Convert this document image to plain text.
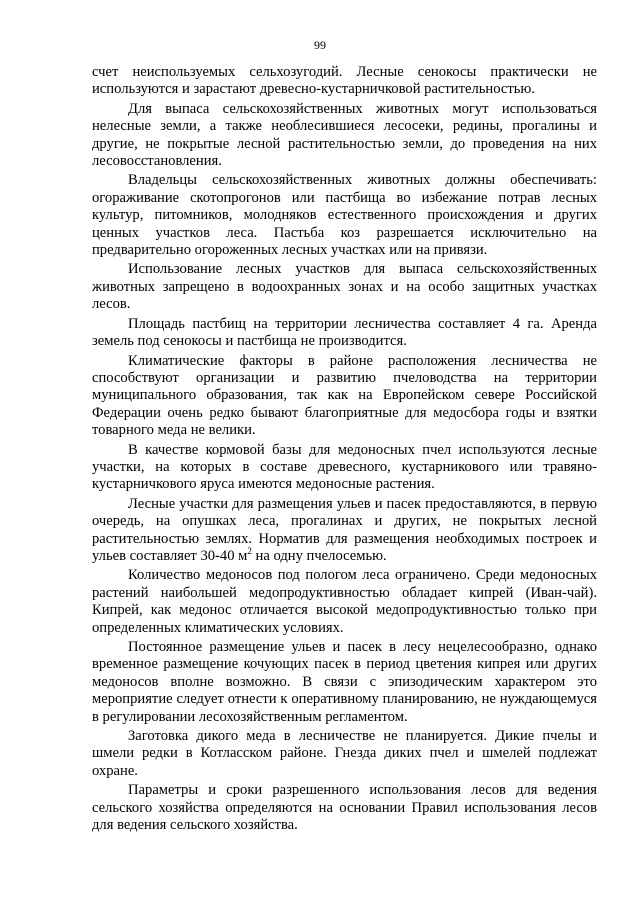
99

счет неиспользуемых сельхозугодий. Лесные сенокосы практически не используются и зарастают древесно-кустарничковой растительностью.

Для выпаса сельскохозяйственных животных могут использоваться нелесные земли, а также необлесившиеся лесосеки, редины, прогалины и другие, не покрытые лесной растительностью земли, до проведения на них лесовосстановления.

Владельцы сельскохозяйственных животных должны обеспечивать: огораживание скотопрогонов или пастбища во избежание потрав лесных культур, питомников, молодняков естественного происхождения и других ценных участков леса. Пастьба коз разрешается исключительно на предварительно огороженных лесных участках или на привязи.

Использование лесных участков для выпаса сельскохозяйственных животных запрещено в водоохранных зонах и на особо защитных участках лесов.

Площадь пастбищ на территории лесничества составляет 4 га. Аренда земель под сенокосы и пастбища не производится.

Климатические факторы в районе расположения лесничества не способствуют организации и развитию пчеловодства на территории муниципального образования, так как на Европейском севере Российской Федерации очень редко бывают благоприятные для медосбора годы и взятки товарного меда не велики.

В качестве кормовой базы для медоносных пчел используются лесные участки, на которых в составе древесного, кустарникового или травяно-кустарничкового яруса имеются медоносные растения.

Лесные участки для размещения ульев и пасек предоставляются, в первую очередь, на опушках леса, прогалинах и других, не покрытых лесной растительностью землях. Норматив для размещения необходимых построек и ульев составляет 30-40 $м^2$ на одну пчелосемью.

Количество медоносов под пологом леса ограничено. Среди медоносных растений наибольшей медопродуктивностью обладает кипрей (Иван-чай). Кипрей, как медонос отличается высокой медопродуктивностью только при определенных климатических условиях.

Постоянное размещение ульев и пасек в лесу нецелесообразно, однако временное размещение кочующих пасек в период цветения кипрея или других медоносов вполне возможно. В связи с эпизодическим характером это мероприятие следует отнести к оперативному планированию, не нуждающемуся в регулировании лесохозяйственным регламентом.

Заготовка дикого меда в лесничестве не планируется. Дикие пчелы и шмели редки в Котласском районе. Гнезда диких пчел и шмелей подлежат охране.

Параметры и сроки разрешенного использования лесов для ведения сельского хозяйства определяются на основании Правил использования лесов для ведения сельского хозяйства.
